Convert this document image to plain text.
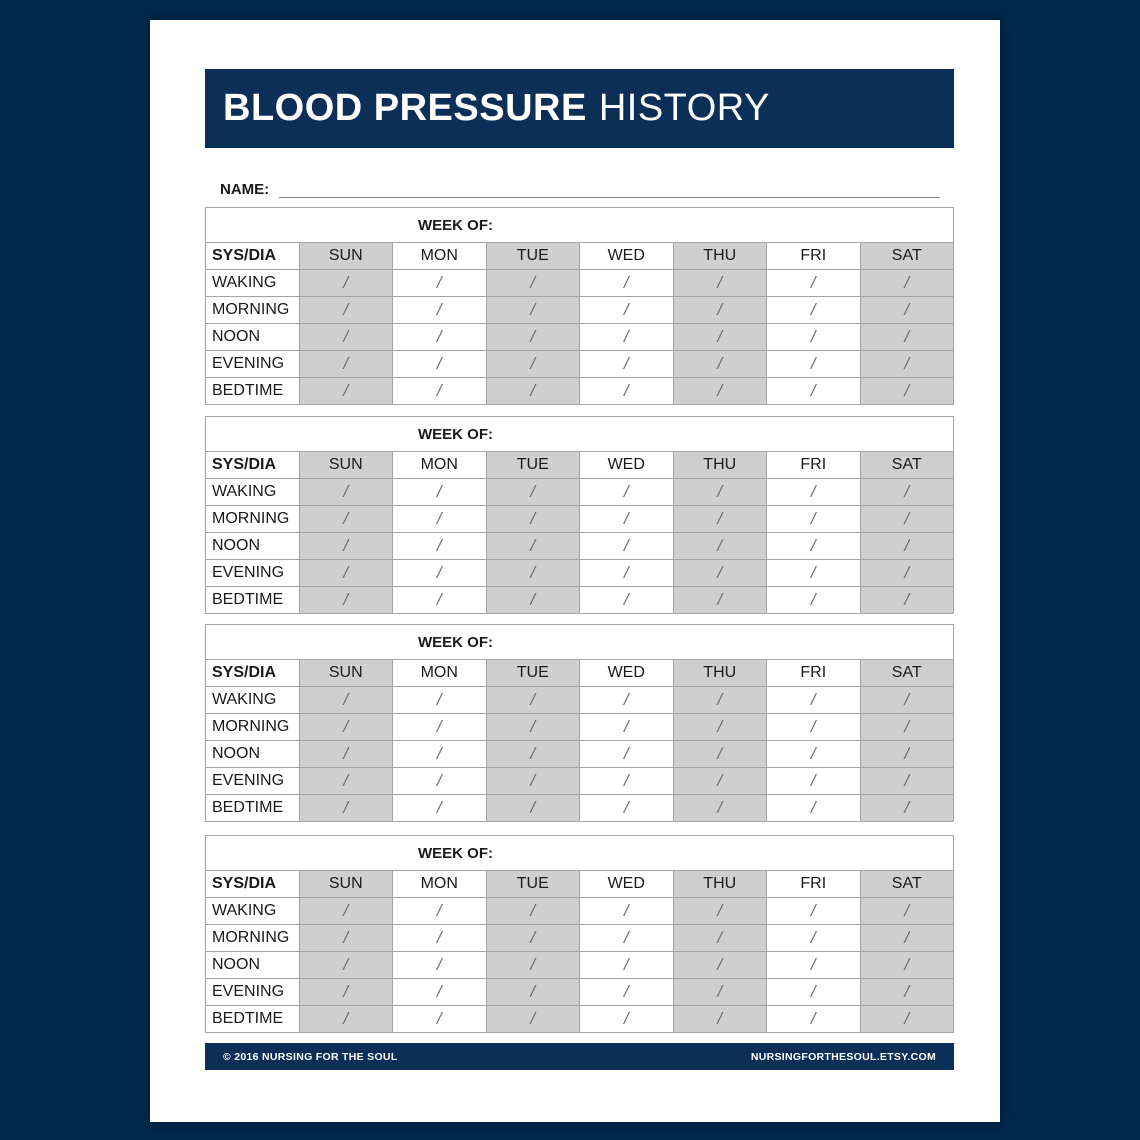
BLOOD PRESSURE HISTORY
NAME:
WEEK OF:							
SYS/DIA	SUN	MON	TUE	WED	THU	FRI	SAT
WAKING	/	/	/	/	/	/	/
MORNING	/	/	/	/	/	/	/
NOON	/	/	/	/	/	/	/
EVENING	/	/	/	/	/	/	/
BEDTIME	/	/	/	/	/	/	/
WEEK OF:							
SYS/DIA	SUN	MON	TUE	WED	THU	FRI	SAT
WAKING	/	/	/	/	/	/	/
MORNING	/	/	/	/	/	/	/
NOON	/	/	/	/	/	/	/
EVENING	/	/	/	/	/	/	/
BEDTIME	/	/	/	/	/	/	/
WEEK OF:							
SYS/DIA	SUN	MON	TUE	WED	THU	FRI	SAT
WAKING	/	/	/	/	/	/	/
MORNING	/	/	/	/	/	/	/
NOON	/	/	/	/	/	/	/
EVENING	/	/	/	/	/	/	/
BEDTIME	/	/	/	/	/	/	/
WEEK OF:							
SYS/DIA	SUN	MON	TUE	WED	THU	FRI	SAT
WAKING	/	/	/	/	/	/	/
MORNING	/	/	/	/	/	/	/
NOON	/	/	/	/	/	/	/
EVENING	/	/	/	/	/	/	/
BEDTIME	/	/	/	/	/	/	/
© 2016 NURSING FOR THE SOUL	NURSINGFORTHESOUL.ETSY.COM
